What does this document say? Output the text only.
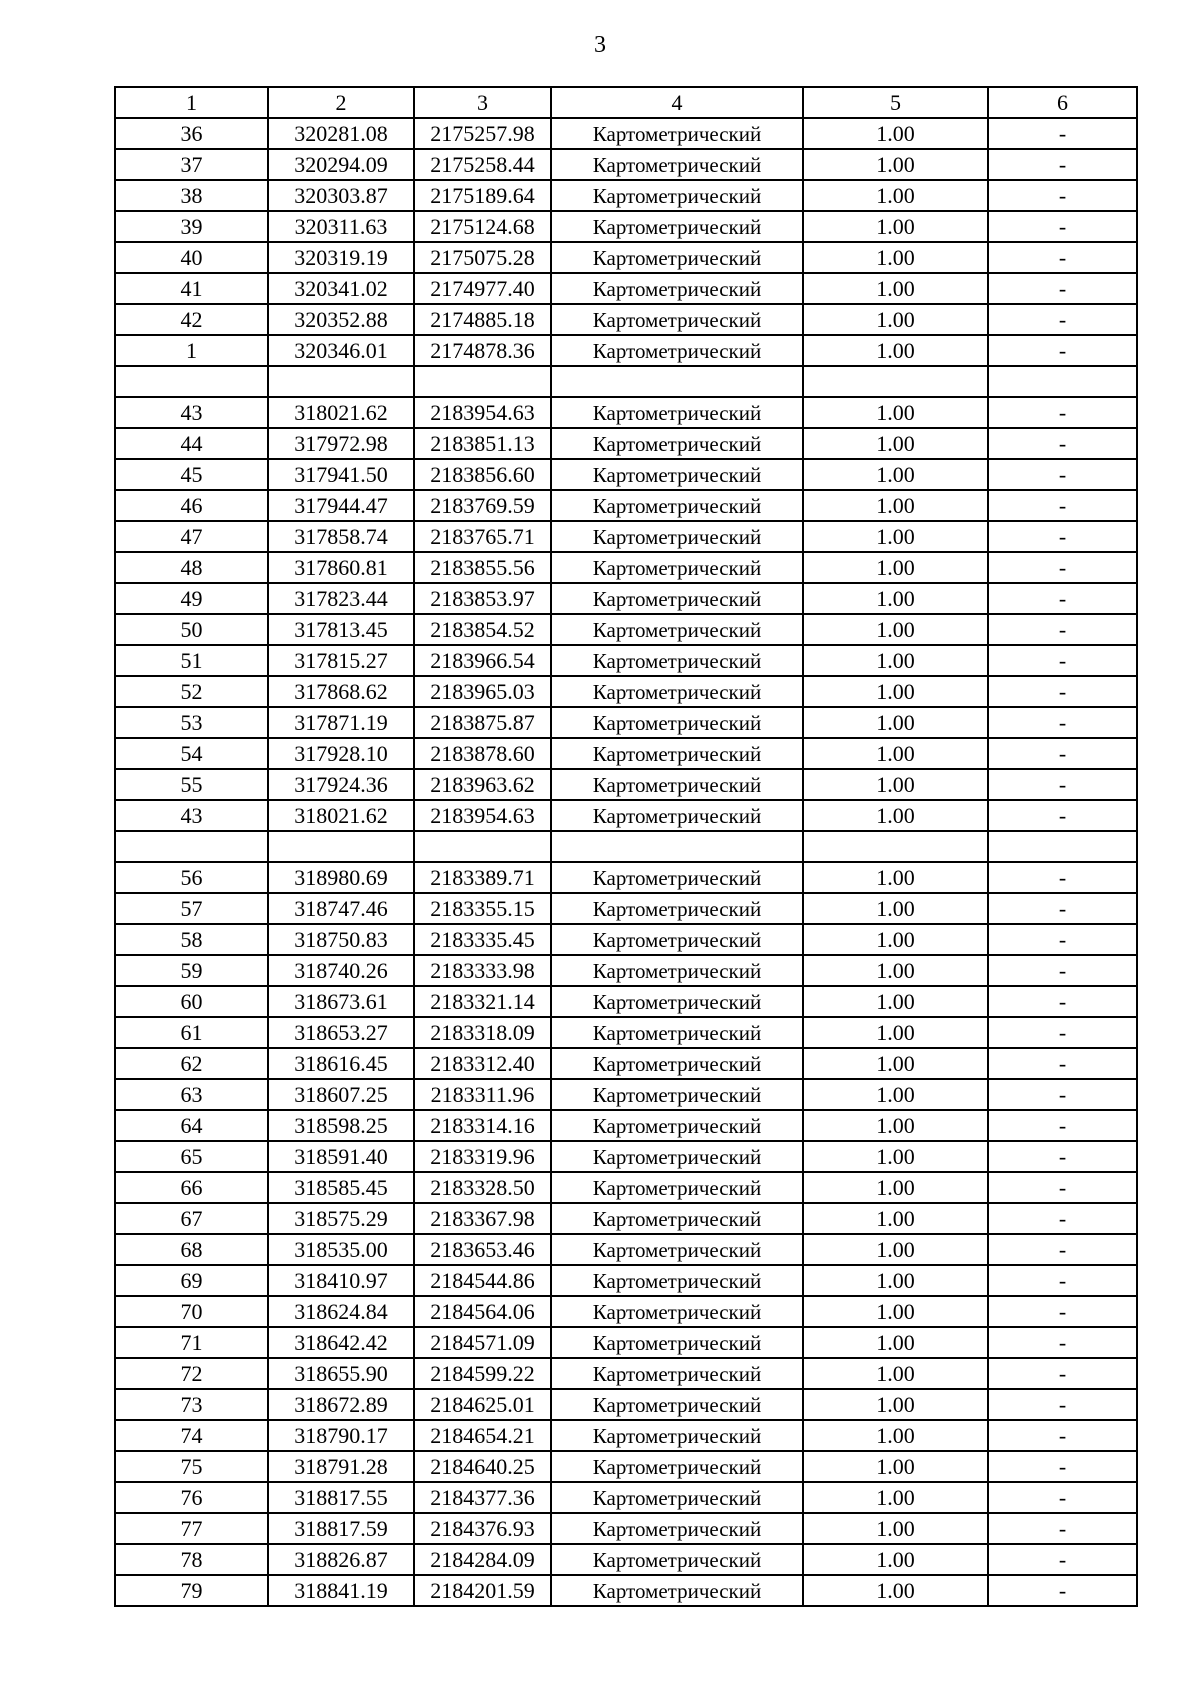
3
1	2	3	4	5	6
36	320281.08	2175257.98	Картометрический	1.00	-
37	320294.09	2175258.44	Картометрический	1.00	-
38	320303.87	2175189.64	Картометрический	1.00	-
39	320311.63	2175124.68	Картометрический	1.00	-
40	320319.19	2175075.28	Картометрический	1.00	-
41	320341.02	2174977.40	Картометрический	1.00	-
42	320352.88	2174885.18	Картометрический	1.00	-
1	320346.01	2174878.36	Картометрический	1.00	-

43	318021.62	2183954.63	Картометрический	1.00	-
44	317972.98	2183851.13	Картометрический	1.00	-
45	317941.50	2183856.60	Картометрический	1.00	-
46	317944.47	2183769.59	Картометрический	1.00	-
47	317858.74	2183765.71	Картометрический	1.00	-
48	317860.81	2183855.56	Картометрический	1.00	-
49	317823.44	2183853.97	Картометрический	1.00	-
50	317813.45	2183854.52	Картометрический	1.00	-
51	317815.27	2183966.54	Картометрический	1.00	-
52	317868.62	2183965.03	Картометрический	1.00	-
53	317871.19	2183875.87	Картометрический	1.00	-
54	317928.10	2183878.60	Картометрический	1.00	-
55	317924.36	2183963.62	Картометрический	1.00	-
43	318021.62	2183954.63	Картометрический	1.00	-

56	318980.69	2183389.71	Картометрический	1.00	-
57	318747.46	2183355.15	Картометрический	1.00	-
58	318750.83	2183335.45	Картометрический	1.00	-
59	318740.26	2183333.98	Картометрический	1.00	-
60	318673.61	2183321.14	Картометрический	1.00	-
61	318653.27	2183318.09	Картометрический	1.00	-
62	318616.45	2183312.40	Картометрический	1.00	-
63	318607.25	2183311.96	Картометрический	1.00	-
64	318598.25	2183314.16	Картометрический	1.00	-
65	318591.40	2183319.96	Картометрический	1.00	-
66	318585.45	2183328.50	Картометрический	1.00	-
67	318575.29	2183367.98	Картометрический	1.00	-
68	318535.00	2183653.46	Картометрический	1.00	-
69	318410.97	2184544.86	Картометрический	1.00	-
70	318624.84	2184564.06	Картометрический	1.00	-
71	318642.42	2184571.09	Картометрический	1.00	-
72	318655.90	2184599.22	Картометрический	1.00	-
73	318672.89	2184625.01	Картометрический	1.00	-
74	318790.17	2184654.21	Картометрический	1.00	-
75	318791.28	2184640.25	Картометрический	1.00	-
76	318817.55	2184377.36	Картометрический	1.00	-
77	318817.59	2184376.93	Картометрический	1.00	-
78	318826.87	2184284.09	Картометрический	1.00	-
79	318841.19	2184201.59	Картометрический	1.00	-
